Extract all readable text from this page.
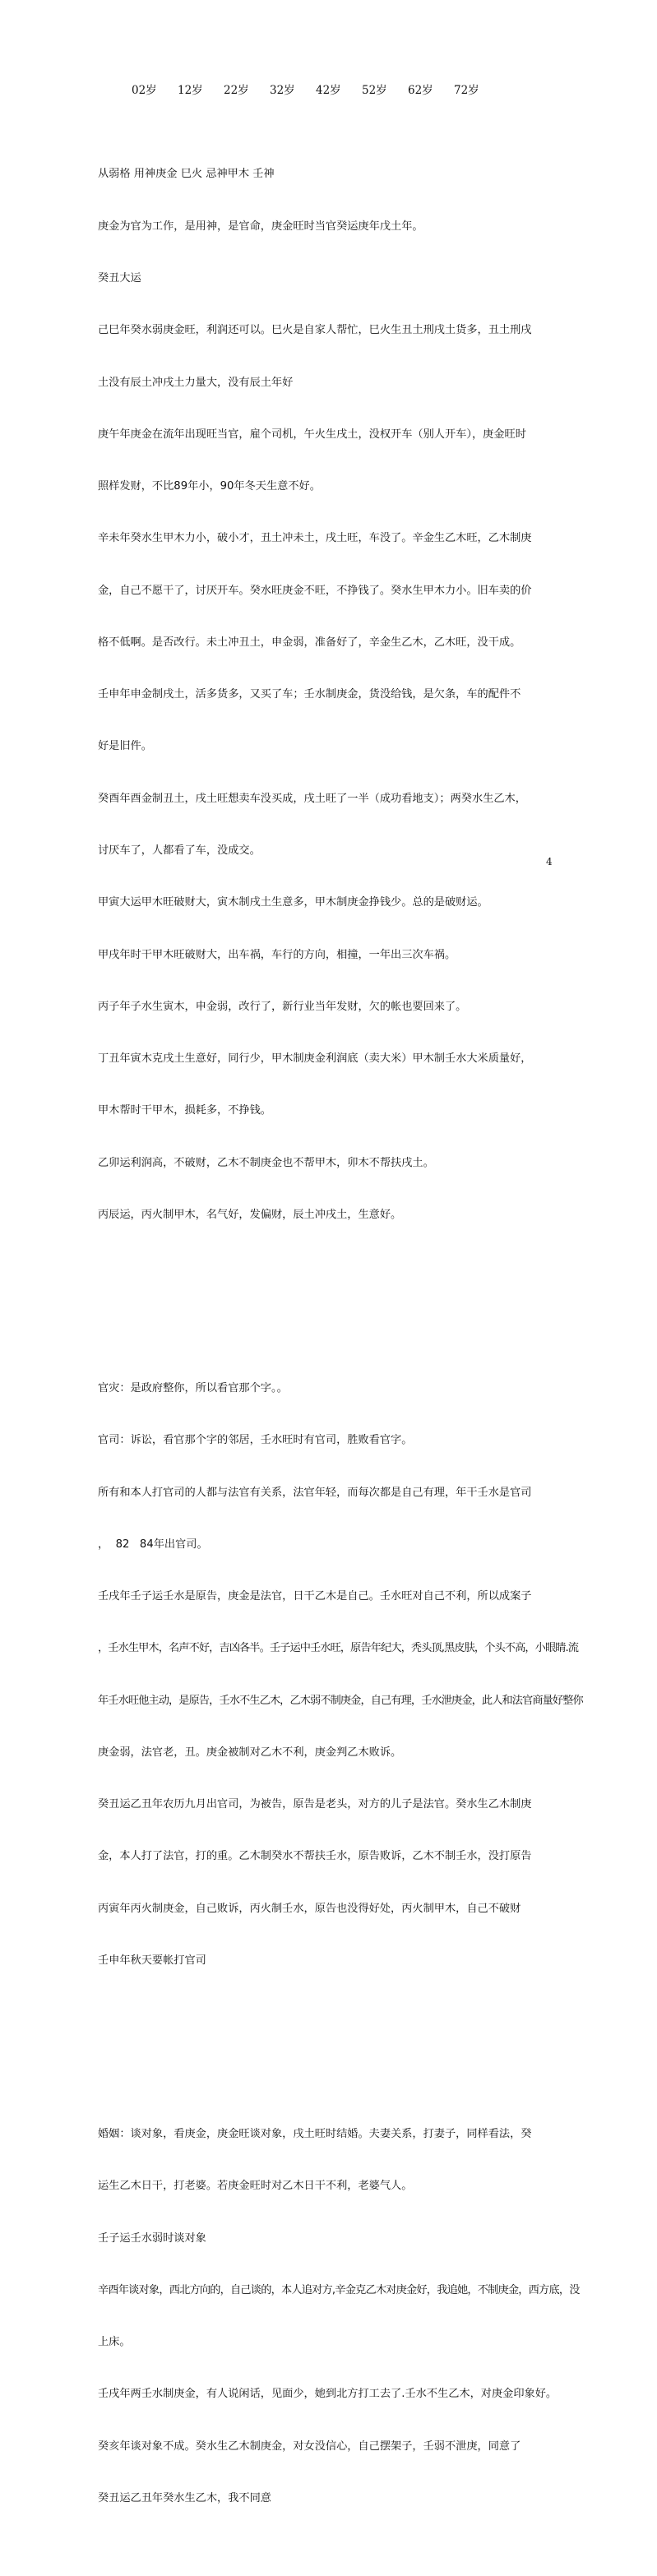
02岁 12岁 22岁 32岁 42岁 52岁 62岁 72岁

从弱格 用神庚金 巳火 忌神甲木 壬神

庚金为官为工作，是用神，是官命，庚金旺时当官癸运庚年戊土年。

癸丑大运

己巳年癸水弱庚金旺，利润还可以。巳火是自家人帮忙，巳火生丑土刑戌土货多，丑土刑戌

土没有辰土冲戌土力量大，没有辰土年好

庚午年庚金在流年出现旺当官，雇个司机，午火生戌土，没权开车（别人开车），庚金旺时

照样发财，不比89年小，90年冬天生意不好。

辛未年癸水生甲木力小，破小才，丑土冲未土，戌土旺，车没了。辛金生乙木旺，乙木制庚

金，自己不愿干了，讨厌开车。癸水旺庚金不旺，不挣钱了。癸水生甲木力小。旧车卖的价

格不低啊。是否改行。未土冲丑土，申金弱，准备好了，辛金生乙木，乙木旺，没干成。

壬申年申金制戌土，活多货多，又买了车；壬水制庚金，货没给钱，是欠条，车的配件不

好是旧件。

癸酉年酉金制丑土，戌土旺想卖车没买成，戌土旺了一半（成功看地支）；两癸水生乙木，

讨厌车了，人都看了车，没成交。

甲寅大运甲木旺破财大，寅木制戌土生意多，甲木制庚金挣钱少。总的是破财运。

甲戌年时干甲木旺破财大，出车祸，车行的方向，相撞，一年出三次车祸。

丙子年子水生寅木，申金弱，改行了，新行业当年发财，欠的帐也要回来了。

丁丑年寅木克戌土生意好，同行少，甲木制庚金利润底（卖大米）甲木制壬水大米质量好，

甲木帮时干甲木，损耗多，不挣钱。

乙卯运利润高，不破财，乙木不制庚金也不帮甲木，卯木不帮扶戌土。

丙辰运，丙火制甲木，名气好，发偏财，辰土冲戌土，生意好。

官灾：是政府整你，所以看官那个字。。

官司：诉讼，看官那个字的邻居，壬水旺时有官司，胜败看官字。

所有和本人打官司的人都与法官有关系，法官年轻，而每次都是自己有理，年干壬水是官司

，  82   84年出官司。

壬戌年壬子运壬水是原告，庚金是法官，日干乙木是自己。壬水旺对自己不利，所以成案子

，壬水生甲木，名声不好，吉凶各半。壬子运中壬水旺，原告年纪大，秃头顶,黑皮肤，个头不高，小眼睛.流

年壬水旺他主动，是原告，壬水不生乙木，乙木弱不制庚金，自己有理，壬水泄庚金，此人和法官商量好整你

庚金弱，法官老，丑。庚金被制对乙木不利，庚金判乙木败诉。

癸丑运乙丑年农历九月出官司，为被告，原告是老头，对方的儿子是法官。癸水生乙木制庚

金，本人打了法官，打的重。乙木制癸水不帮扶壬水，原告败诉，乙木不制壬水，没打原告

丙寅年丙火制庚金，自己败诉，丙火制壬水，原告也没得好处，丙火制甲木，自己不破财

壬申年秋天要帐打官司

婚姻：谈对象，看庚金，庚金旺谈对象，戌土旺时结婚。夫妻关系，打妻子，同样看法，癸

运生乙木日干，打老婆。若庚金旺时对乙木日干不利，老婆气人。

壬子运壬水弱时谈对象

辛酉年谈对象，西北方向的，自己谈的，本人追对方,辛金克乙木对庚金好，我追她，不制庚金，西方底，没

上床。

壬戌年两壬水制庚金，有人说闲话，见面少，她到北方打工去了.壬水不生乙木，对庚金印象好。

癸亥年谈对象不成。癸水生乙木制庚金，对女没信心，自己摆架子，壬弱不泄庚，同意了

癸丑运乙丑年癸水生乙木，我不同意

4
